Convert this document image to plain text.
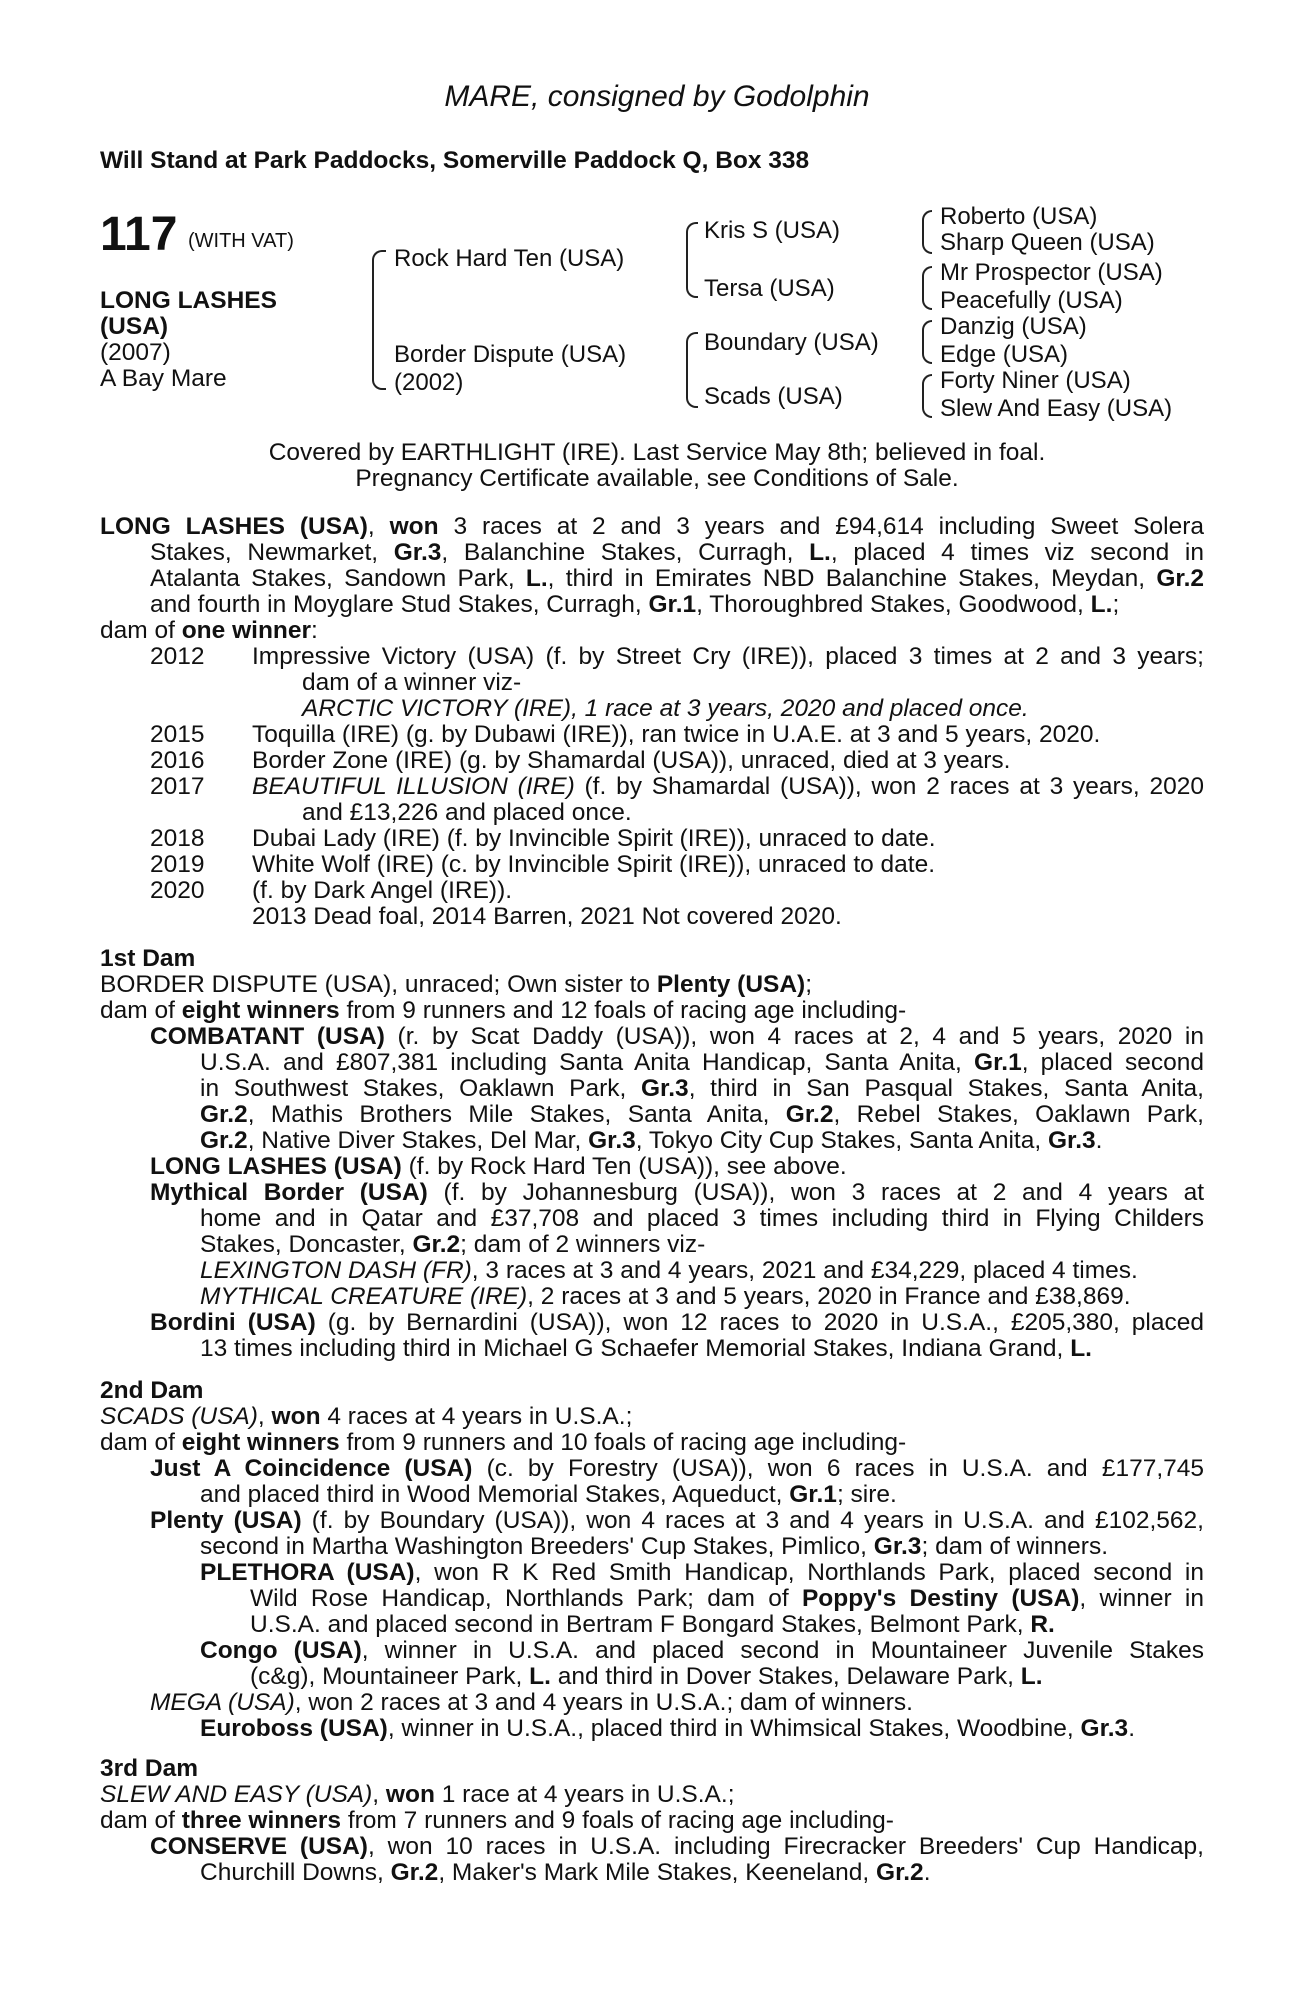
MARE, consigned by Godolphin
Will Stand at Park Paddocks, Somerville Paddock Q, Box 338
117 (WITH VAT)
LONG LASHES
(USA)
(2007)
A Bay Mare
Rock Hard Ten (USA)
Border Dispute (USA)
(2002)
Kris S (USA)
Tersa (USA)
Boundary (USA)
Scads (USA)
Roberto (USA)
Sharp Queen (USA)
Mr Prospector (USA)
Peacefully (USA)
Danzig (USA)
Edge (USA)
Forty Niner (USA)
Slew And Easy (USA)
Covered by EARTHLIGHT (IRE). Last Service May 8th; believed in foal.
Pregnancy Certificate available, see Conditions of Sale.
LONG LASHES (USA), won 3 races at 2 and 3 years and £94,614 including Sweet Solera
Stakes, Newmarket, Gr.3, Balanchine Stakes, Curragh, L., placed 4 times viz second in
Atalanta Stakes, Sandown Park, L., third in Emirates NBD Balanchine Stakes, Meydan, Gr.2
and fourth in Moyglare Stud Stakes, Curragh, Gr.1, Thoroughbred Stakes, Goodwood, L.;
dam of one winner:
2012 Impressive Victory (USA) (f. by Street Cry (IRE)), placed 3 times at 2 and 3 years;
dam of a winner viz-
ARCTIC VICTORY (IRE), 1 race at 3 years, 2020 and placed once.
2015 Toquilla (IRE) (g. by Dubawi (IRE)), ran twice in U.A.E. at 3 and 5 years, 2020.
2016 Border Zone (IRE) (g. by Shamardal (USA)), unraced, died at 3 years.
2017 BEAUTIFUL ILLUSION (IRE) (f. by Shamardal (USA)), won 2 races at 3 years, 2020
and £13,226 and placed once.
2018 Dubai Lady (IRE) (f. by Invincible Spirit (IRE)), unraced to date.
2019 White Wolf (IRE) (c. by Invincible Spirit (IRE)), unraced to date.
2020 (f. by Dark Angel (IRE)).
2013 Dead foal, 2014 Barren, 2021 Not covered 2020.
1st Dam
BORDER DISPUTE (USA), unraced; Own sister to Plenty (USA);
dam of eight winners from 9 runners and 12 foals of racing age including-
COMBATANT (USA) (r. by Scat Daddy (USA)), won 4 races at 2, 4 and 5 years, 2020 in
U.S.A. and £807,381 including Santa Anita Handicap, Santa Anita, Gr.1, placed second
in Southwest Stakes, Oaklawn Park, Gr.3, third in San Pasqual Stakes, Santa Anita,
Gr.2, Mathis Brothers Mile Stakes, Santa Anita, Gr.2, Rebel Stakes, Oaklawn Park,
Gr.2, Native Diver Stakes, Del Mar, Gr.3, Tokyo City Cup Stakes, Santa Anita, Gr.3.
LONG LASHES (USA) (f. by Rock Hard Ten (USA)), see above.
Mythical Border (USA) (f. by Johannesburg (USA)), won 3 races at 2 and 4 years at
home and in Qatar and £37,708 and placed 3 times including third in Flying Childers
Stakes, Doncaster, Gr.2; dam of 2 winners viz-
LEXINGTON DASH (FR), 3 races at 3 and 4 years, 2021 and £34,229, placed 4 times.
MYTHICAL CREATURE (IRE), 2 races at 3 and 5 years, 2020 in France and £38,869.
Bordini (USA) (g. by Bernardini (USA)), won 12 races to 2020 in U.S.A., £205,380, placed
13 times including third in Michael G Schaefer Memorial Stakes, Indiana Grand, L.
2nd Dam
SCADS (USA), won 4 races at 4 years in U.S.A.;
dam of eight winners from 9 runners and 10 foals of racing age including-
Just A Coincidence (USA) (c. by Forestry (USA)), won 6 races in U.S.A. and £177,745
and placed third in Wood Memorial Stakes, Aqueduct, Gr.1; sire.
Plenty (USA) (f. by Boundary (USA)), won 4 races at 3 and 4 years in U.S.A. and £102,562,
second in Martha Washington Breeders' Cup Stakes, Pimlico, Gr.3; dam of winners.
PLETHORA (USA), won R K Red Smith Handicap, Northlands Park, placed second in
Wild Rose Handicap, Northlands Park; dam of Poppy's Destiny (USA), winner in
U.S.A. and placed second in Bertram F Bongard Stakes, Belmont Park, R.
Congo (USA), winner in U.S.A. and placed second in Mountaineer Juvenile Stakes
(c&g), Mountaineer Park, L. and third in Dover Stakes, Delaware Park, L.
MEGA (USA), won 2 races at 3 and 4 years in U.S.A.; dam of winners.
Euroboss (USA), winner in U.S.A., placed third in Whimsical Stakes, Woodbine, Gr.3.
3rd Dam
SLEW AND EASY (USA), won 1 race at 4 years in U.S.A.;
dam of three winners from 7 runners and 9 foals of racing age including-
CONSERVE (USA), won 10 races in U.S.A. including Firecracker Breeders' Cup Handicap,
Churchill Downs, Gr.2, Maker's Mark Mile Stakes, Keeneland, Gr.2.
